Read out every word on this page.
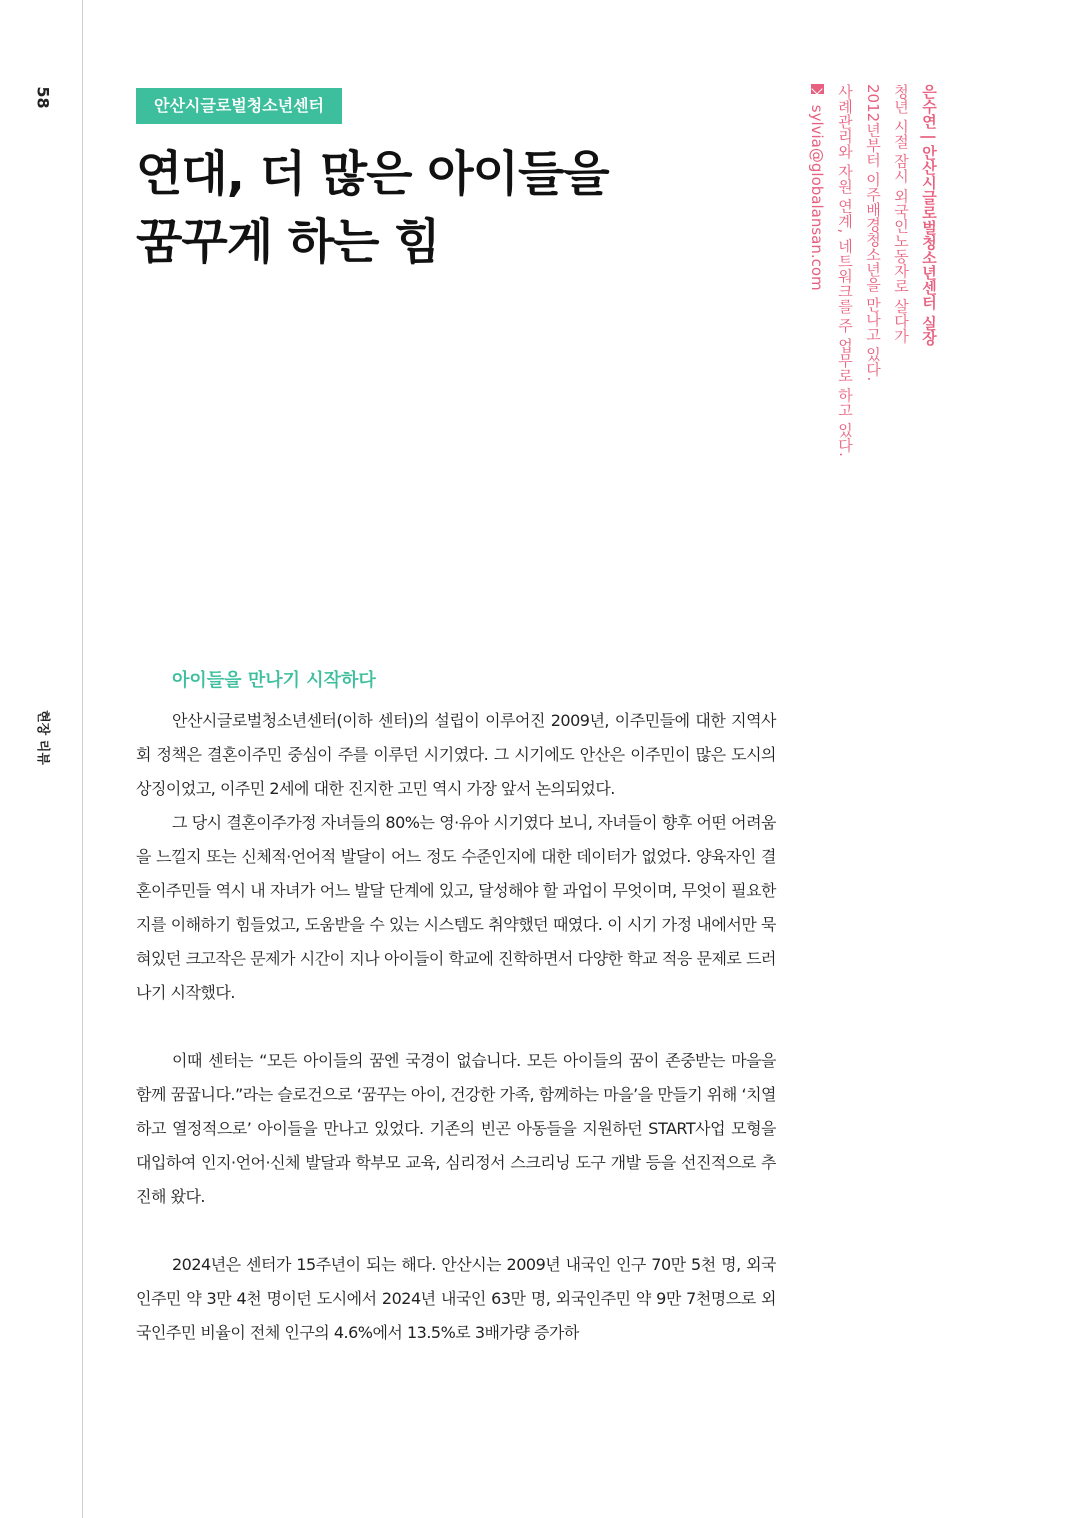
58
현장 리뷰
안산시글로벌청소년센터
연대, 더 많은 아이들을
꿈꾸게 하는 힘	은수연 | 안산시글로벌청소년센터 실장
청년 시절 잠시 외국인노동자로 살다가
2012년부터 이주배경청소년을 만나고 있다.
사례관리와 자원 연계, 네트워크를 주 업무로 하고 있다.
sylvia@globalansan.com
아이들을 만나기 시작하다

안산시글로벌청소년센터(이하 센터)의 설립이 이루어진 2009년, 이주민들에 대한 지역사회 정책은 결혼이주민 중심이 주를 이루던 시기였다. 그 시기에도 안산은 이주민이 많은 도시의 상징이었고, 이주민 2세에 대한 진지한 고민 역시 가장 앞서 논의되었다.

그 당시 결혼이주가정 자녀들의 80%는 영·유아 시기였다 보니, 자녀들이 향후 어떤 어려움을 느낄지 또는 신체적·언어적 발달이 어느 정도 수준인지에 대한 데이터가 없었다. 양육자인 결혼이주민들 역시 내 자녀가 어느 발달 단계에 있고, 달성해야 할 과업이 무엇이며, 무엇이 필요한지를 이해하기 힘들었고, 도움받을 수 있는 시스템도 취약했던 때였다. 이 시기 가정 내에서만 묵혀있던 크고작은 문제가 시간이 지나 아이들이 학교에 진학하면서 다양한 학교 적응 문제로 드러나기 시작했다.

이때 센터는 “모든 아이들의 꿈엔 국경이 없습니다. 모든 아이들의 꿈이 존중받는 마을을 함께 꿈꿉니다.”라는 슬로건으로 ‘꿈꾸는 아이, 건강한 가족, 함께하는 마을’을 만들기 위해 ‘치열하고 열정적으로’ 아이들을 만나고 있었다. 기존의 빈곤 아동들을 지원하던 START사업 모형을 대입하여 인지·언어·신체 발달과 학부모 교육, 심리정서 스크리닝 도구 개발 등을 선진적으로 추진해 왔다.

2024년은 센터가 15주년이 되는 해다. 안산시는 2009년 내국인 인구 70만 5천 명, 외국인주민 약 3만 4천 명이던 도시에서 2024년 내국인 63만 명, 외국인주민 약 9만 7천명으로 외국인주민 비율이 전체 인구의 4.6%에서 13.5%로 3배가량 증가하
